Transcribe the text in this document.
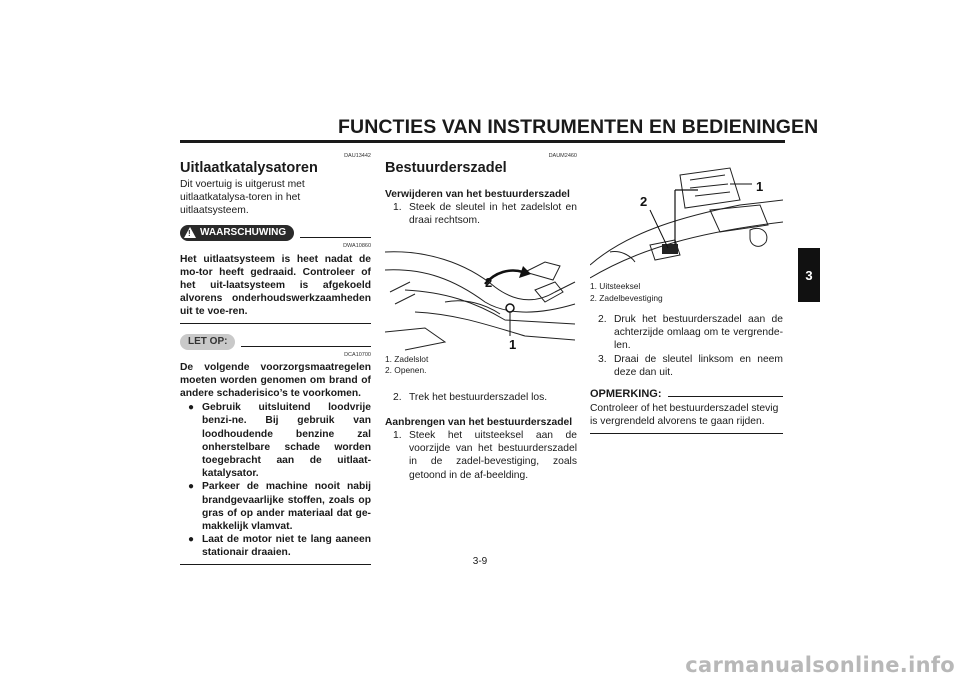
FUNCTIES VAN INSTRUMENTEN EN BEDIENINGEN
3
DAU13442
Uitlaatkatalysatoren
Dit voertuig is uitgerust met uitlaatkatalysa-toren in het uitlaatsysteem.
! WAARSCHUWING
DWA10860
Het uitlaatsysteem is heet nadat de mo-tor heeft gedraaid. Controleer of het uit-laatsysteem is afgekoeld alvorens onderhoudswerkzaamheden uit te voe-ren.
LET OP:
DCA10700
De volgende voorzorgsmaatregelen moeten worden genomen om brand of andere schaderisico’s te voorkomen.
● Gebruik uitsluitend loodvrije benzi-ne. Bij gebruik van loodhoudende benzine zal onherstelbare schade worden toegebracht aan de uitlaat-katalysator.
● Parkeer de machine nooit nabij brandgevaarlijke stoffen, zoals op gras of op ander materiaal dat ge-makkelijk vlamvat.
● Laat de motor niet te lang aaneen stationair draaien.
DAUM2460
Bestuurderszadel
Verwijderen van het bestuurderszadel
1. Steek de sleutel in het zadelslot en draai rechtsom.
2
1
1. Zadelslot
2. Openen.
2. Trek het bestuurderszadel los.
Aanbrengen van het bestuurderszadel
1. Steek het uitsteeksel aan de voorzijde van het bestuurderszadel in de zadel-bevestiging, zoals getoond in de af-beelding.
1
2
1. Uitsteeksel
2. Zadelbevestiging
2. Druk het bestuurderszadel aan de achterzijde omlaag om te vergrende-len.
3. Draai de sleutel linksom en neem deze dan uit.
OPMERKING:
Controleer of het bestuurderszadel stevig is vergrendeld alvorens te gaan rijden.
3-9
carmanualsonline.info
